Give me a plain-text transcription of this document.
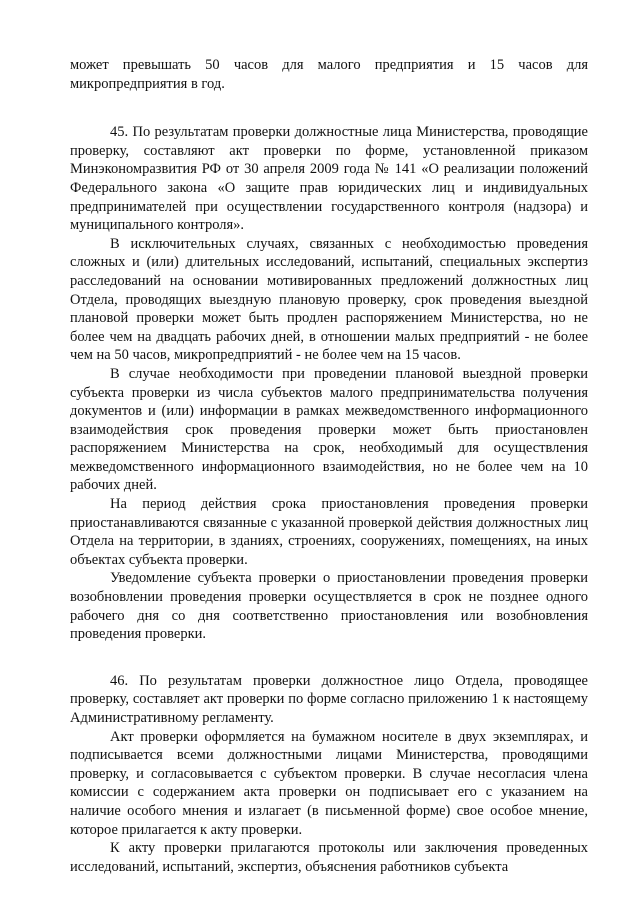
может превышать 50 часов для малого предприятия и 15 часов для микропредприятия в год.

45. По результатам проверки должностные лица Министерства, проводящие проверку, составляют акт проверки по форме, установленной приказом Минэкономразвития РФ от 30 апреля 2009 года № 141 «О реализации положений Федерального закона «О защите прав юридических лиц и индивидуальных предпринимателей при осуществлении государственного контроля (надзора) и муниципального контроля».

В исключительных случаях, связанных с необходимостью проведения сложных и (или) длительных исследований, испытаний, специальных экспертиз расследований на основании мотивированных предложений должностных лиц Отдела, проводящих выездную плановую проверку, срок проведения выездной плановой проверки может быть продлен распоряжением Министерства, но не более чем на двадцать рабочих дней, в отношении малых предприятий - не более чем на 50 часов, микропредприятий - не более чем на 15 часов.

В случае необходимости при проведении плановой выездной проверки субъекта проверки из числа субъектов малого предпринимательства получения документов и (или) информации в рамках межведомственного информационного взаимодействия срок проведения проверки может быть приостановлен распоряжением Министерства на срок, необходимый для осуществления межведомственного информационного взаимодействия, но не более чем на 10 рабочих дней.

На период действия срока приостановления проведения проверки приостанавливаются связанные с указанной проверкой действия должностных лиц Отдела на территории, в зданиях, строениях, сооружениях, помещениях, на иных объектах субъекта проверки.

Уведомление субъекта проверки о приостановлении проведения проверки возобновлении проведения проверки осуществляется в срок не позднее одного рабочего дня со дня соответственно приостановления или возобновления проведения проверки.

46. По результатам проверки должностное лицо Отдела, проводящее проверку, составляет акт проверки по форме согласно приложению 1 к настоящему Административному регламенту.

Акт проверки оформляется на бумажном носителе в двух экземплярах, и подписывается всеми должностными лицами Министерства, проводящими проверку, и согласовывается с субъектом проверки. В случае несогласия члена комиссии с содержанием акта проверки он подписывает его с указанием на наличие особого мнения и излагает (в письменной форме) свое особое мнение, которое прилагается к акту проверки.

К акту проверки прилагаются протоколы или заключения проведенных исследований, испытаний, экспертиз, объяснения работников субъекта
